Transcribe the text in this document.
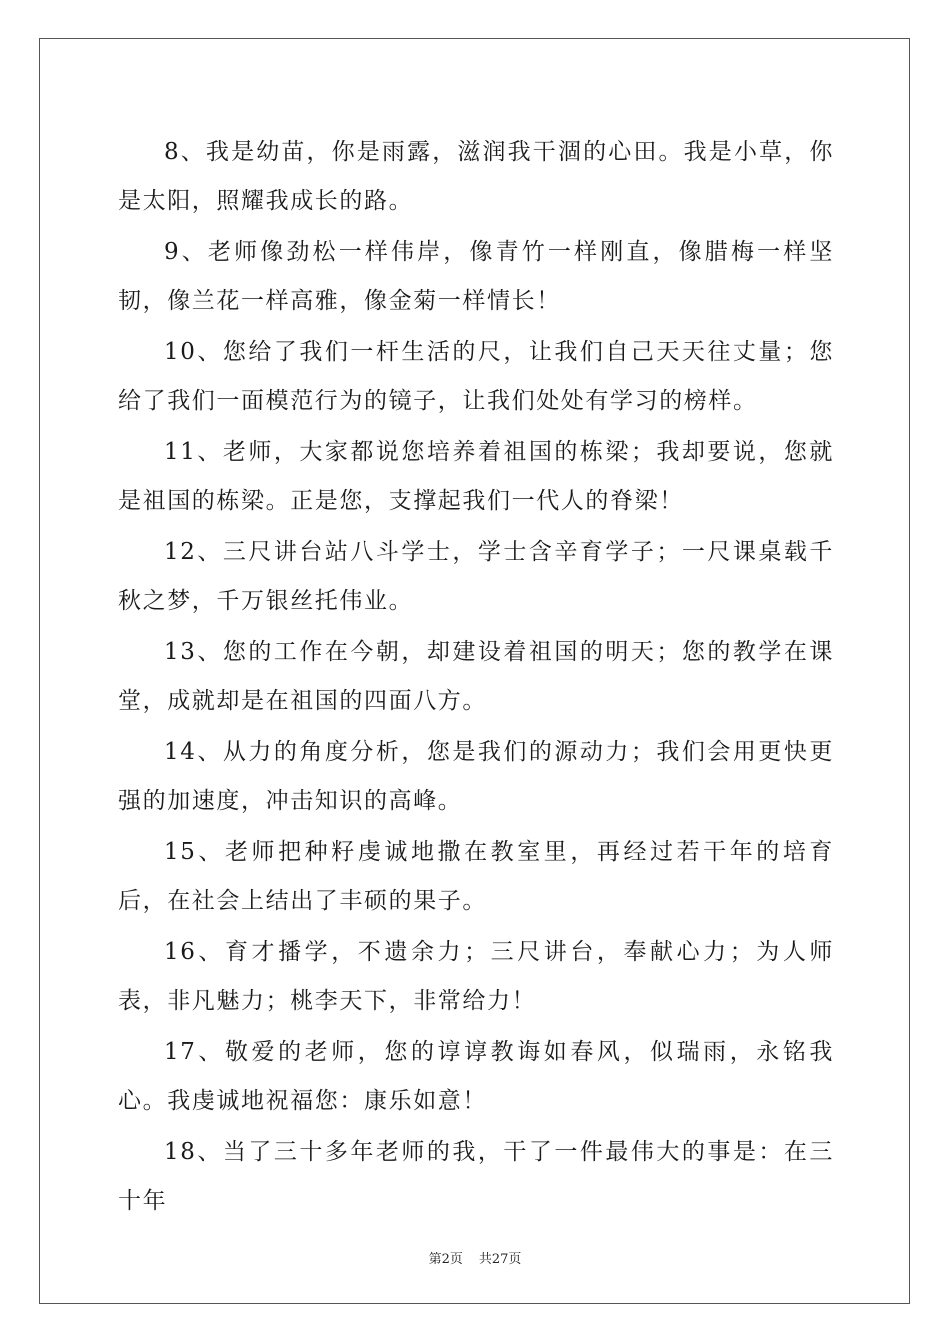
8、我是幼苗，你是雨露，滋润我干涸的心田。我是小草，你是太阳，照耀我成长的路。

9、老师像劲松一样伟岸，像青竹一样刚直，像腊梅一样坚韧，像兰花一样高雅，像金菊一样情长！

10、您给了我们一杆生活的尺，让我们自己天天往丈量；您给了我们一面模范行为的镜子，让我们处处有学习的榜样。

11、老师，大家都说您培养着祖国的栋梁；我却要说，您就是祖国的栋梁。正是您，支撑起我们一代人的脊梁！

12、三尺讲台站八斗学士，学士含辛育学子；一尺课桌载千秋之梦，千万银丝托伟业。

13、您的工作在今朝，却建设着祖国的明天；您的教学在课堂，成就却是在祖国的四面八方。

14、从力的角度分析，您是我们的源动力；我们会用更快更强的加速度，冲击知识的高峰。

15、老师把种籽虔诚地撒在教室里，再经过若干年的培育后，在社会上结出了丰硕的果子。

16、育才播学，不遗余力；三尺讲台，奉献心力；为人师表，非凡魅力；桃李天下，非常给力！

17、敬爱的老师，您的谆谆教诲如春风，似瑞雨，永铭我心。我虔诚地祝福您：康乐如意！

18、当了三十多年老师的我，干了一件最伟大的事是：在三十年

第2页 共27页
